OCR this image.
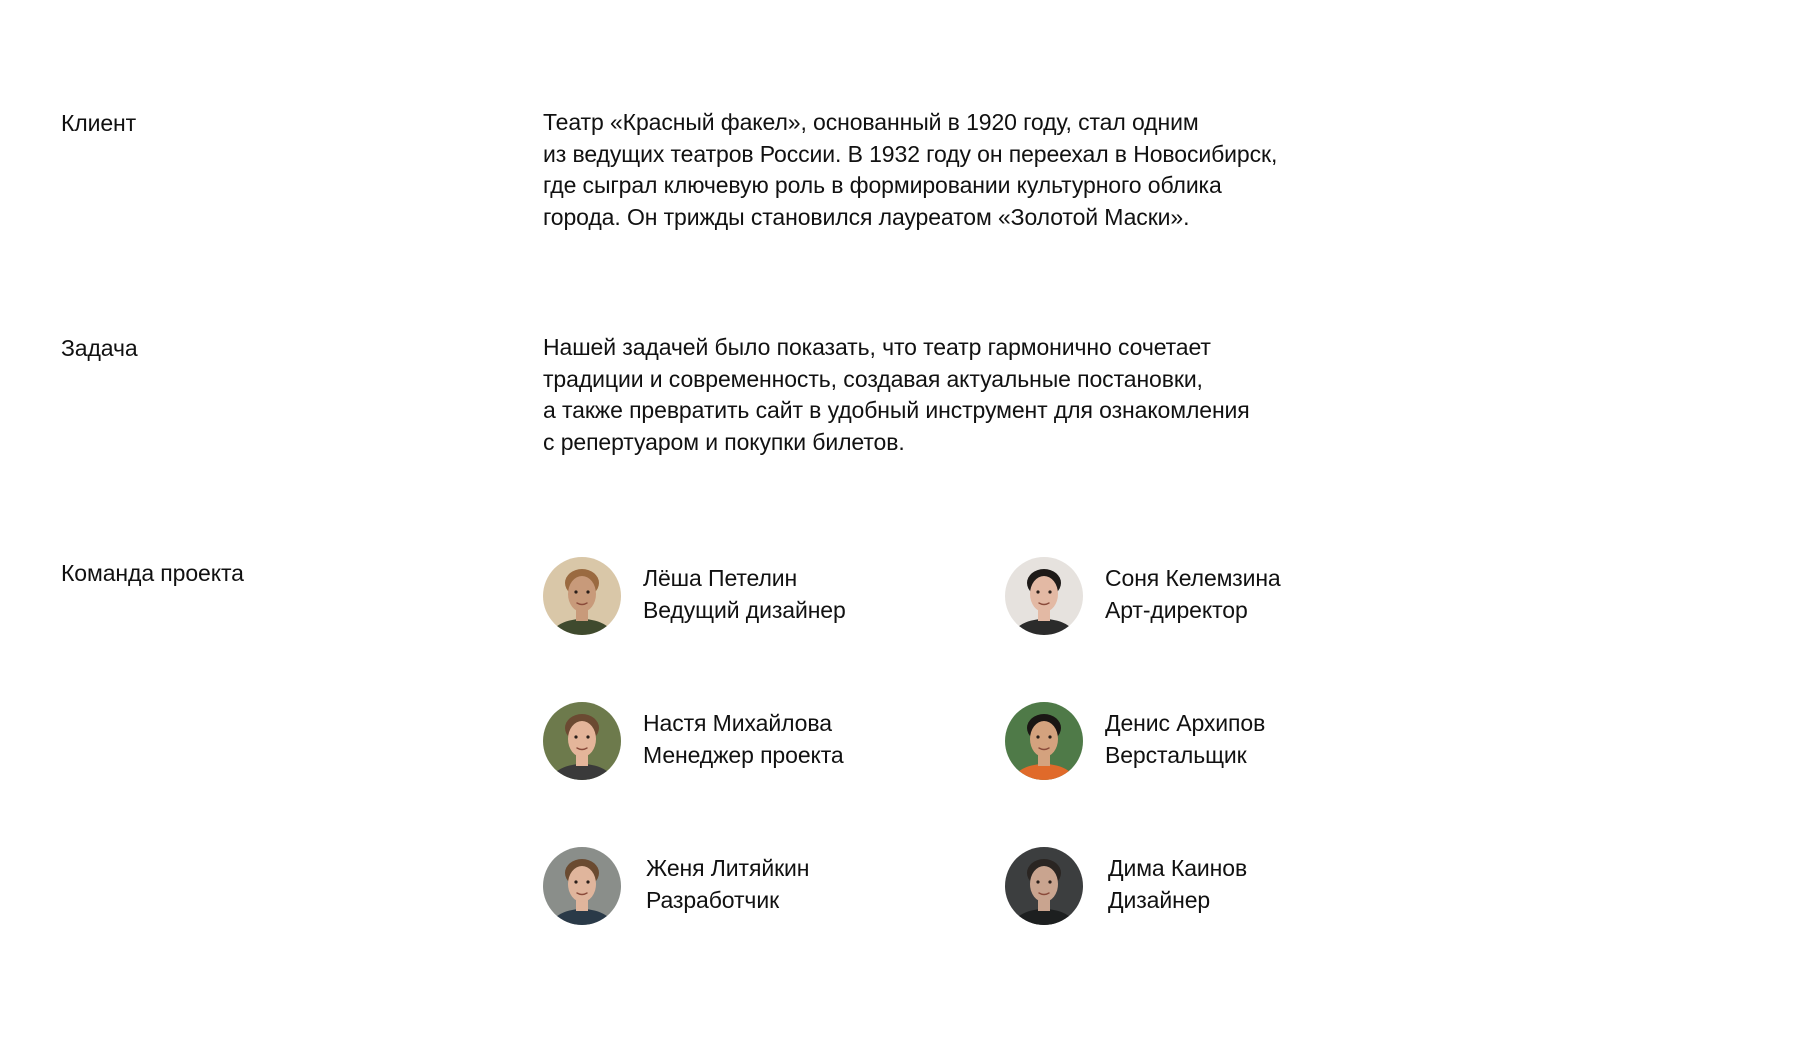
Клиент	Театр «Красный факел», основанный в 1920 году, стал одним
из ведущих театров России. В 1932 году он переехал в Новосибирск,
где сыграл ключевую роль в формировании культурного облика
города. Он трижды становился лауреатом «Золотой Маски».
Задача	Нашей задачей было показать, что театр гармонично сочетает
традиции и современность, создавая актуальные постановки,
а также превратить сайт в удобный инструмент для ознакомления
с репертуаром и покупки билетов.
Команда проекта	Лёша Петелин
Ведущий дизайнер
Соня Келемзина
Арт-директор
Настя Михайлова
Менеджер проекта
Денис Архипов
Верстальщик
Женя Литяйкин
Разработчик
Дима Каинов
Дизайнер
